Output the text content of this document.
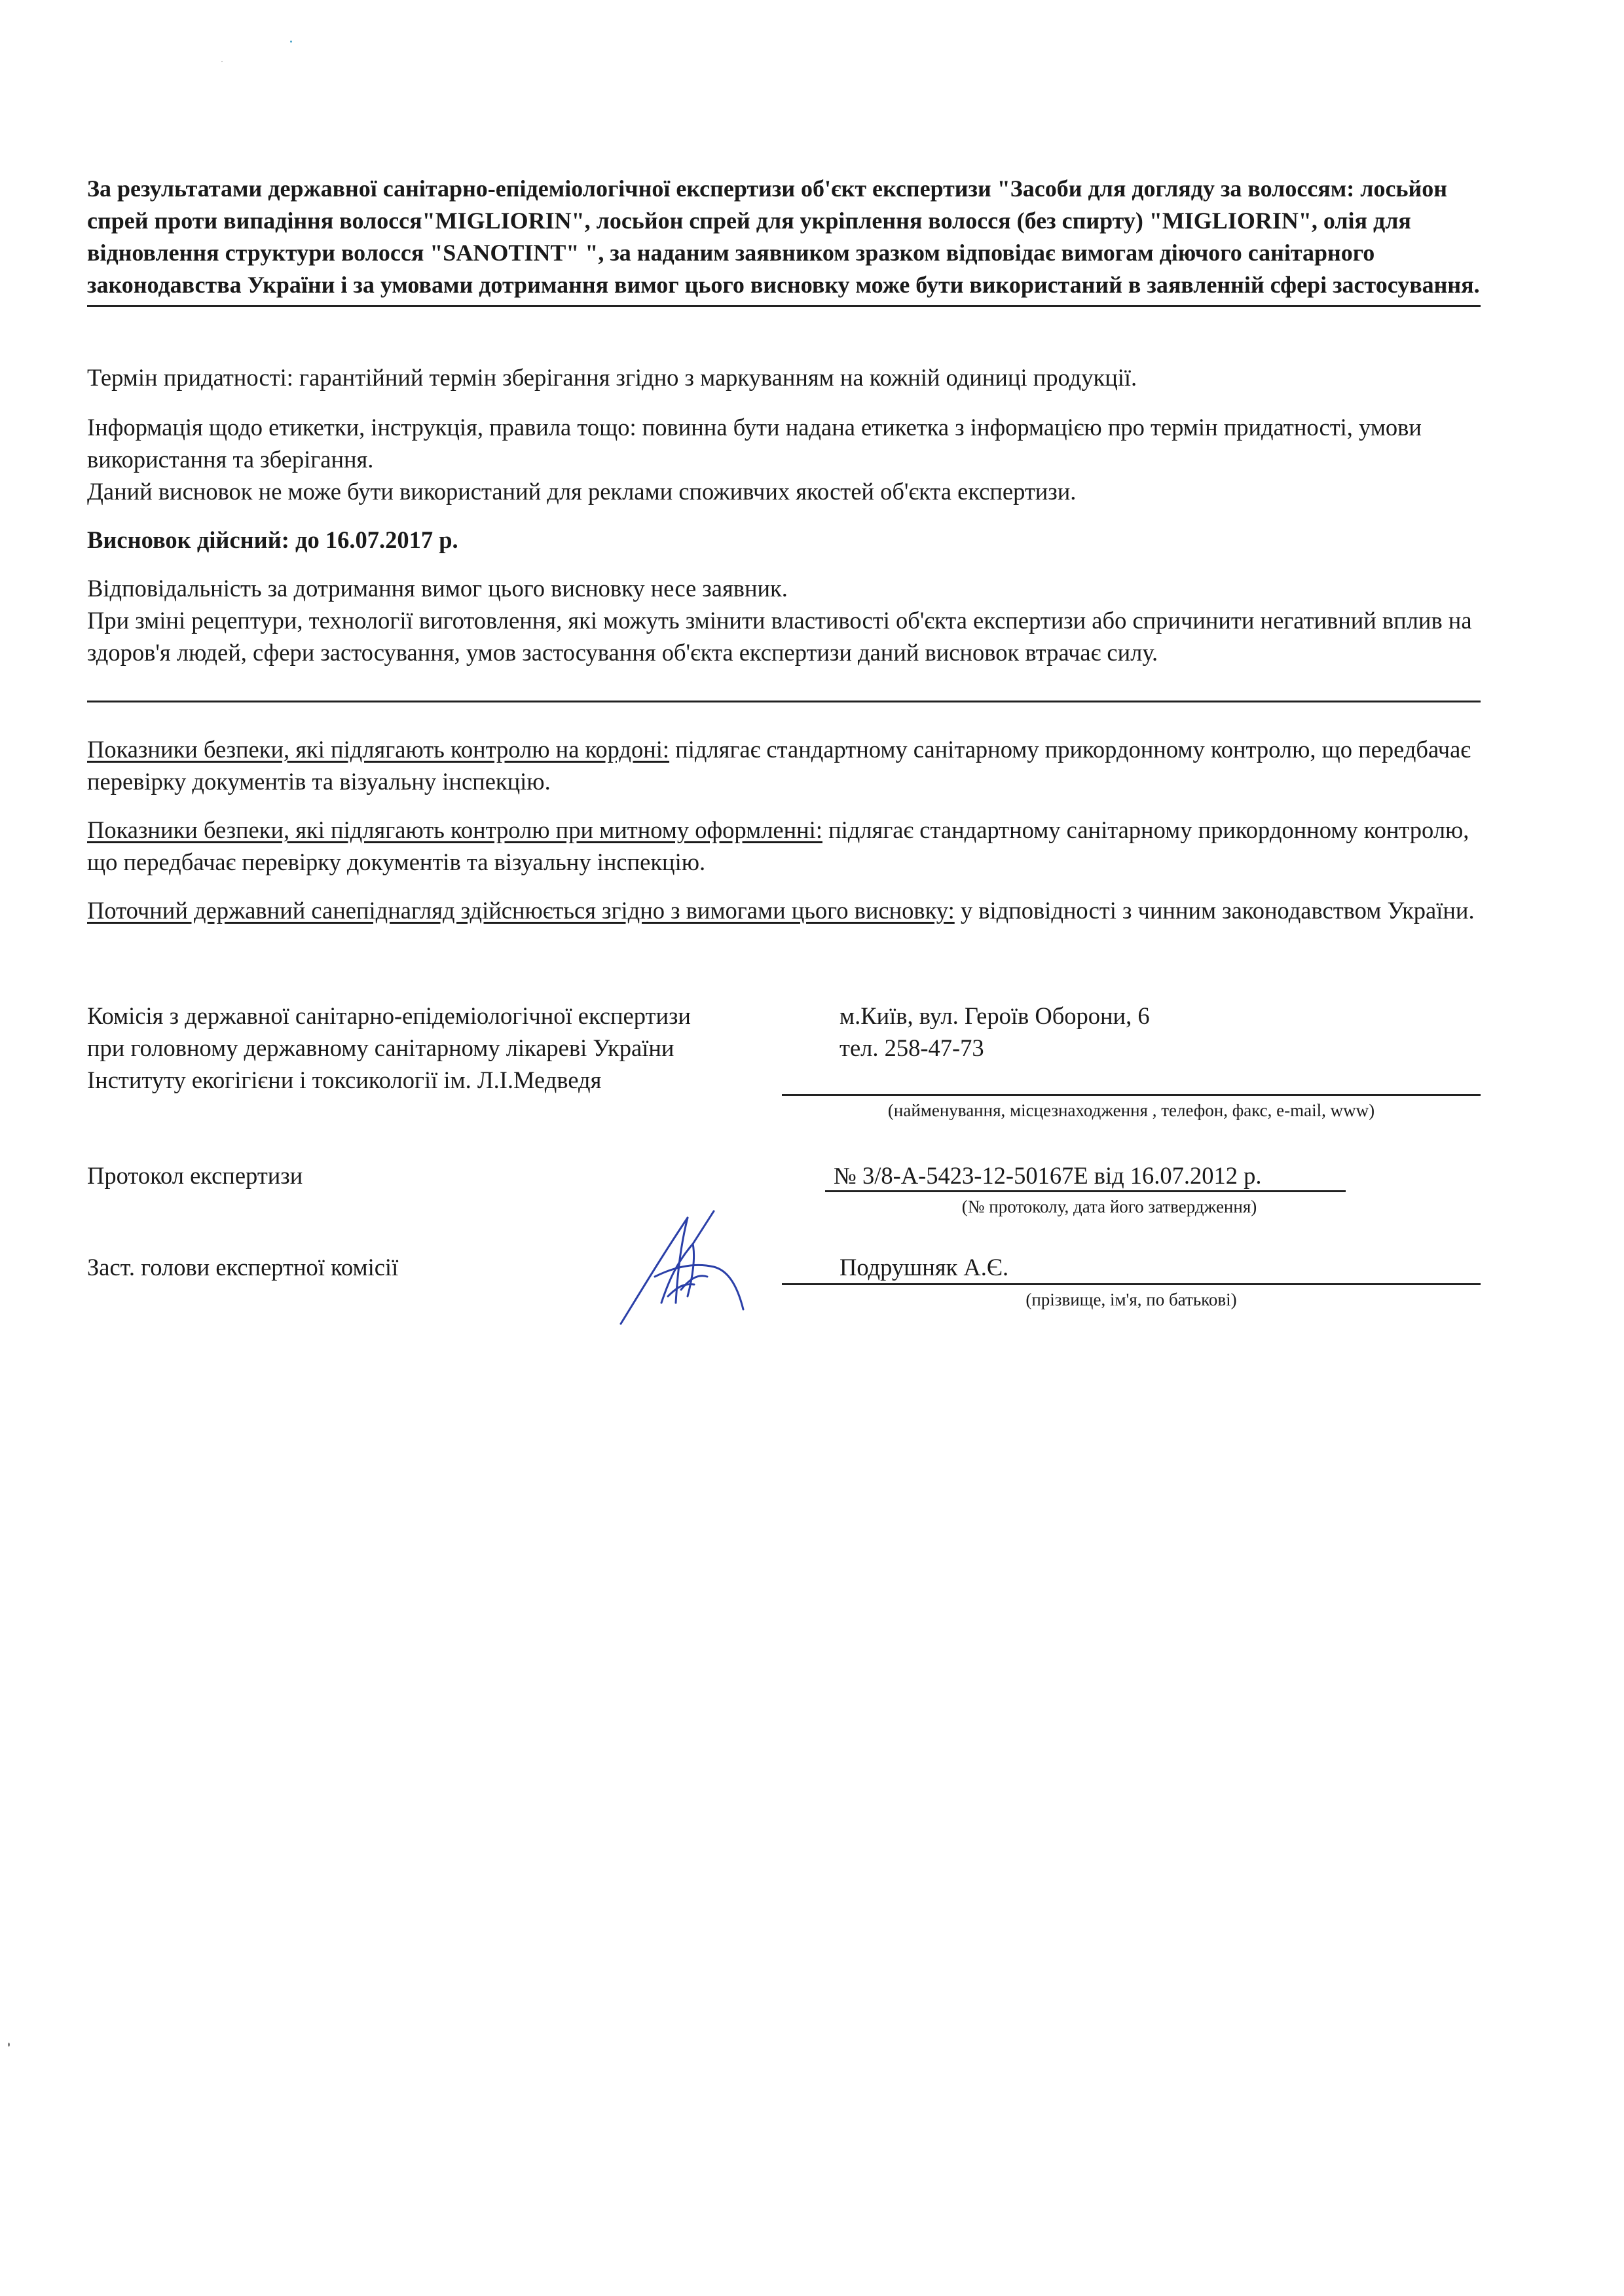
За результатами державної санітарно-епідеміологічної експертизи об'єкт експертизи "Засоби для догляду за волоссям: лосьйон спрей проти випадіння волосся"MIGLIORIN", лосьйон спрей для укріплення волосся (без спирту) "MIGLIORIN", олія для відновлення структури волосся "SANOTINT" ", за наданим заявником зразком відповідає вимогам діючого санітарного законодавства України і за умовами дотримання вимог цього висновку може бути використаний в заявленній сфері застосування.
Термін придатності: гарантійний термін зберігання згідно з маркуванням на кожній одиниці продукції.
Інформація щодо етикетки, інструкція, правила тощо: повинна бути надана етикетка з інформацією про термін придатності, умови використання та зберігання.
Даний висновок не може бути використаний для реклами споживчих якостей об'єкта експертизи.
Висновок дійсний: до 16.07.2017 р.
Відповідальність за дотримання вимог цього висновку несе заявник.
При зміні рецептури, технології виготовлення, які можуть змінити властивості об'єкта експертизи або спричинити негативний вплив на здоров'я людей, сфери застосування, умов застосування об'єкта експертизи даний висновок втрачає силу.
Показники безпеки, які підлягають контролю на кордоні: підлягає стандартному санітарному прикордонному контролю, що передбачає перевірку документів та візуальну інспекцію.
Показники безпеки, які підлягають контролю при митному оформленні: підлягає стандартному санітарному прикордонному контролю, що передбачає перевірку документів та візуальну інспекцію.
Поточний державний санепіднагляд здійснюється згідно з вимогами цього висновку: у відповідності з чинним законодавством України.
Комісія з державної санітарно-епідеміологічної експертизи
при головному державному санітарному лікареві України
Інституту екогігієни і токсикології ім. Л.І.Медведя
м.Київ, вул. Героїв Оборони, 6
тел. 258-47-73
(найменування, місцезнаходження , телефон, факс, e-mail, www)
Протокол експертизи	№ 3/8-А-5423-12-50167Е від 16.07.2012 р.
(№ протоколу, дата його затвердження)
Заст. голови експертної комісії	Подрушняк А.Є.
(прізвище, ім'я, по батькові)
